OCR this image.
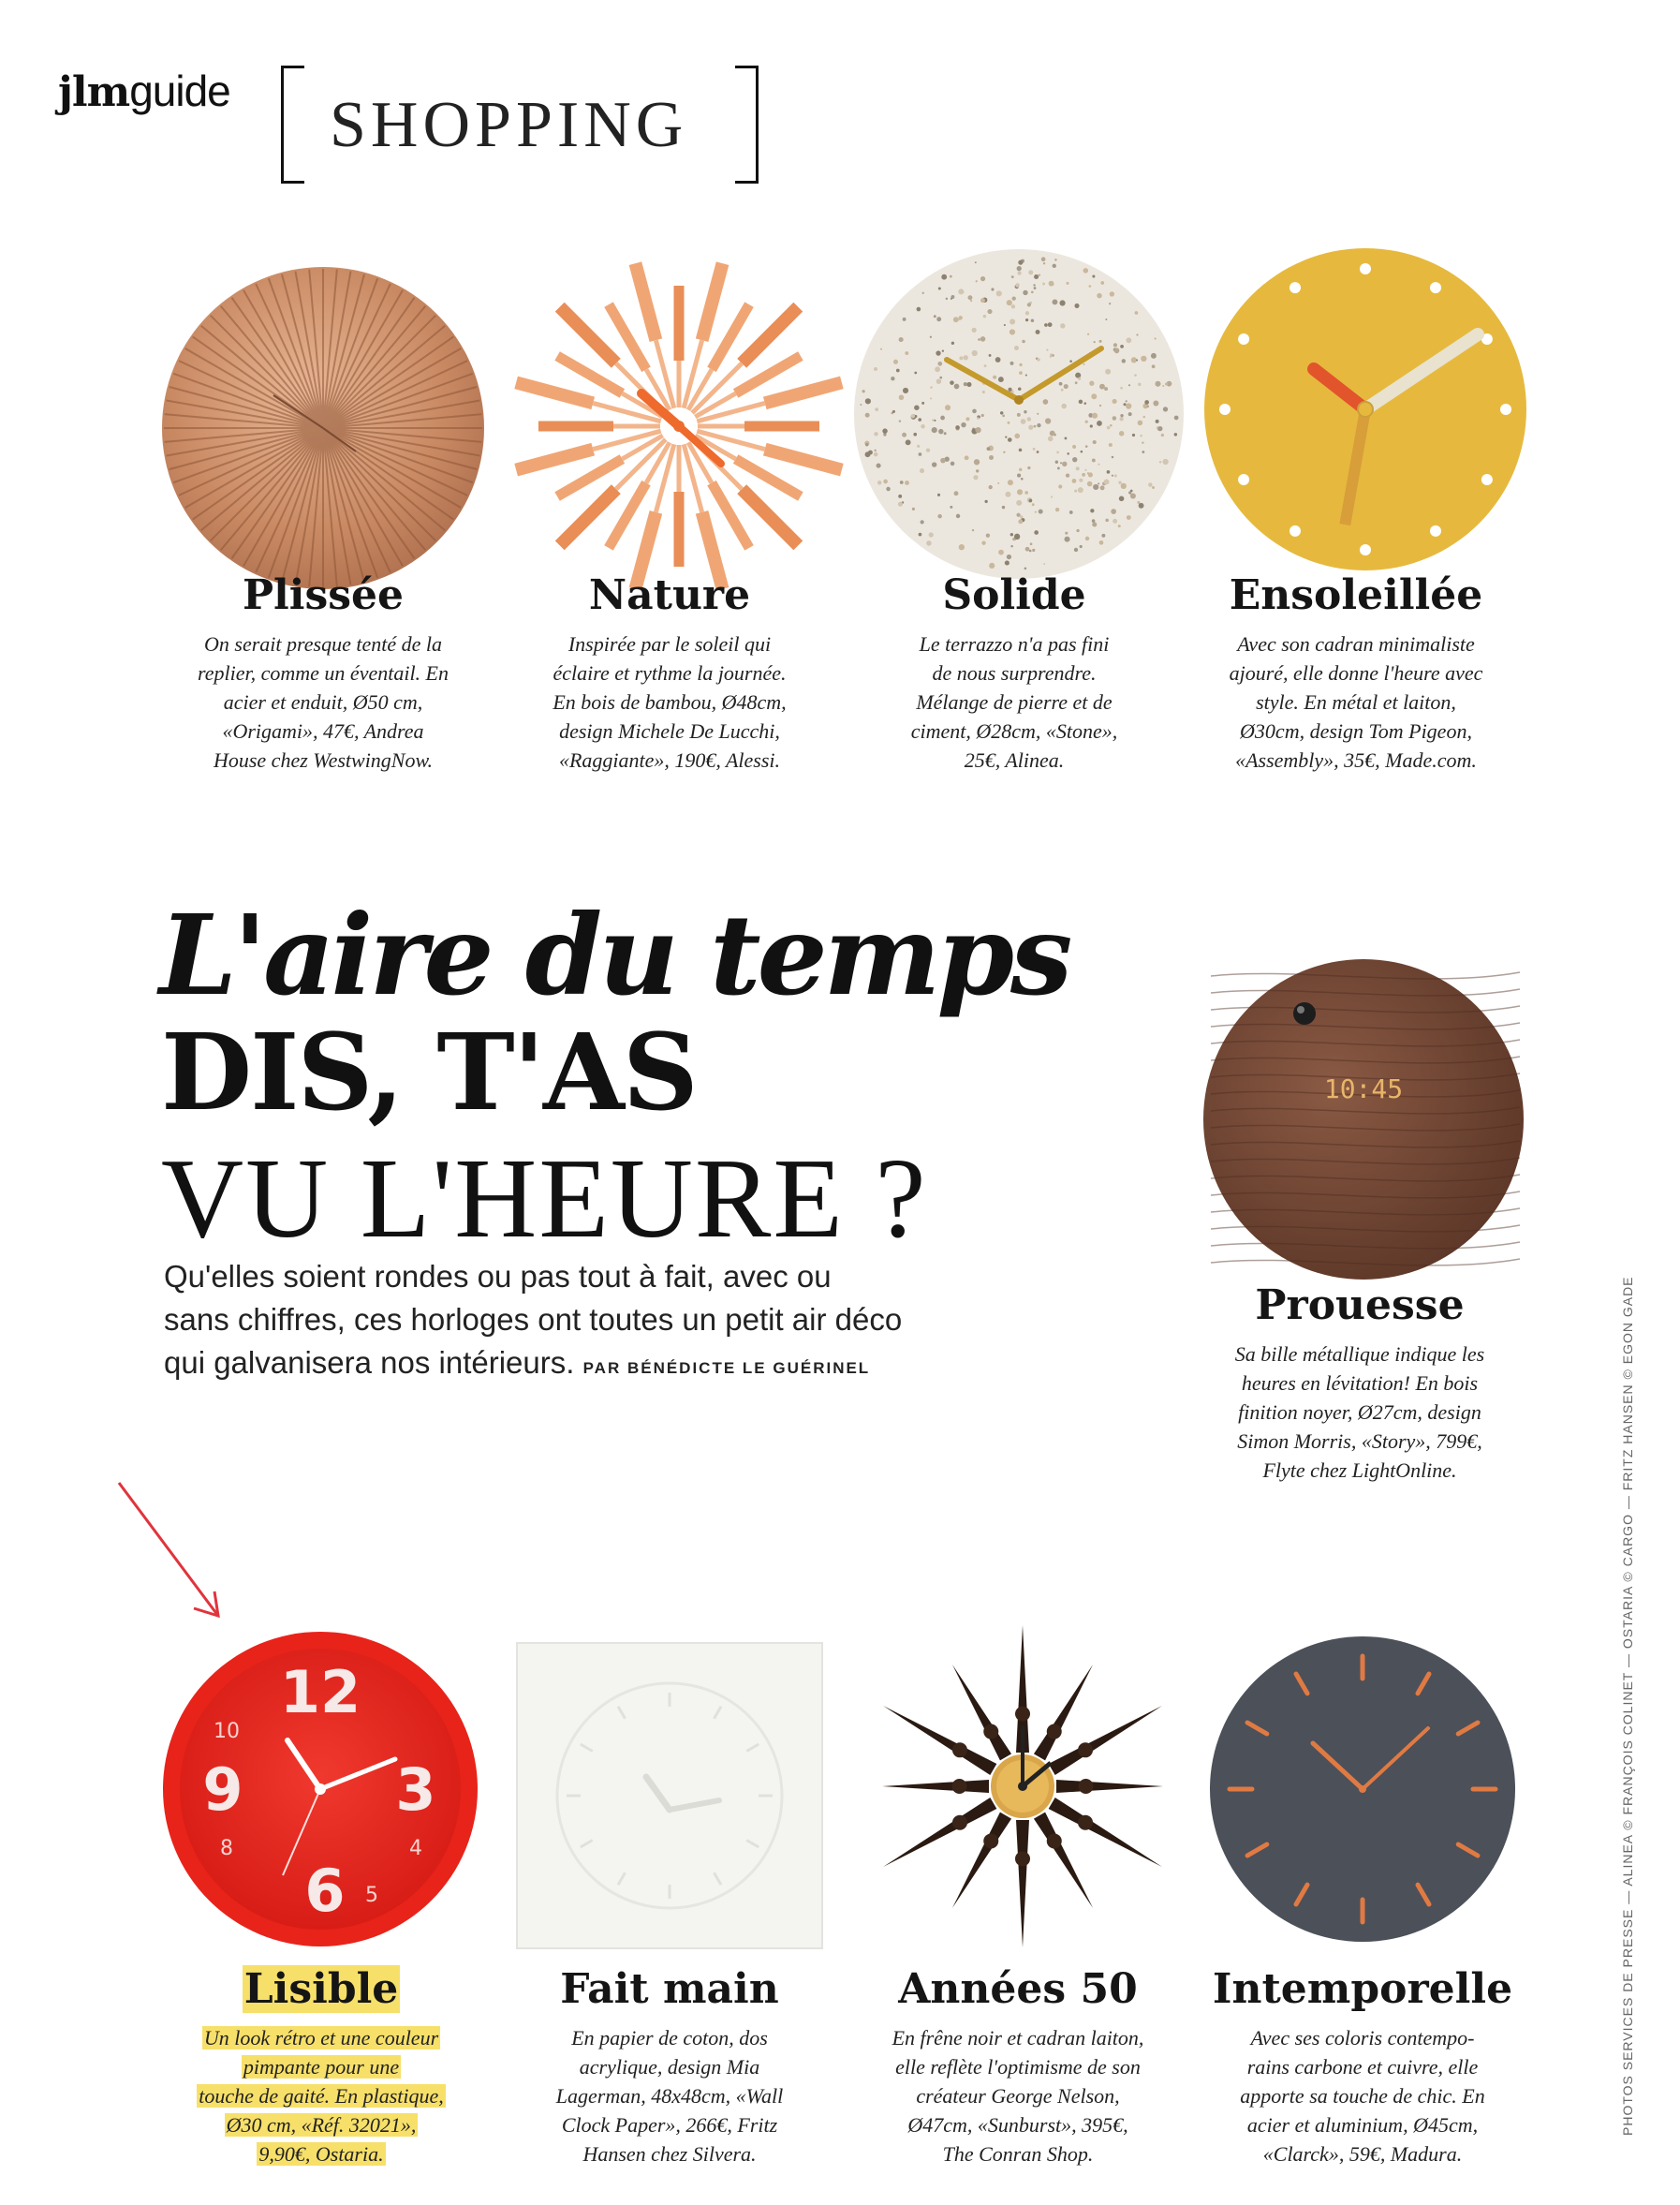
jlmguide SHOPPING
Plissée
On serait presque tenté de la
replier, comme un éventail. En
acier et enduit, Ø50 cm,
«Origami», 47€, Andrea
House chez WestwingNow.
Nature
Inspirée par le soleil qui
éclaire et rythme la journée.
En bois de bambou, Ø48cm,
design Michele De Lucchi,
«Raggiante», 190€, Alessi.
Solide
Le terrazzo n'a pas fini
de nous surprendre.
Mélange de pierre et de
ciment, Ø28cm, «Stone»,
25€, Alinea.
Ensoleillée
Avec son cadran minimaliste
ajouré, elle donne l'heure avec
style. En métal et laiton,
Ø30cm, design Tom Pigeon,
«Assembly», 35€, Made.com.
L'aire du temps
DIS, T'AS
VU L'HEURE ?
Qu'elles soient rondes ou pas tout à fait, avec ou
sans chiffres, ces horloges ont toutes un petit air déco
qui galvanisera nos intérieurs. PAR BÉNÉDICTE LE GUÉRINEL
10:45
Prouesse
Sa bille métallique indique les
heures en lévitation! En bois
finition noyer, Ø27cm, design
Simon Morris, «Story», 799€,
Flyte chez LightOnline.
12
3
6
9
10
8	4
5
Lisible
Un look rétro et une couleur
pimpante pour une
touche de gaité. En plastique,
Ø30 cm, «Réf. 32021»,
9,90€, Ostaria.
Fait main
En papier de coton, dos
acrylique, design Mia
Lagerman, 48x48cm, «Wall
Clock Paper», 266€, Fritz
Hansen chez Silvera.
Années 50
En frêne noir et cadran laiton,
elle reflète l'optimisme de son
créateur George Nelson,
Ø47cm, «Sunburst», 395€,
The Conran Shop.
Intemporelle
Avec ses coloris contempo-
rains carbone et cuivre, elle
apporte sa touche de chic. En
acier et aluminium, Ø45cm,
«Clarck», 59€, Madura.
PHOTOS SERVICES DE PRESSE — ALINEA © FRANÇOIS COLINET — OSTARIA © CARGO — FRITZ HANSEN © EGON GADE
